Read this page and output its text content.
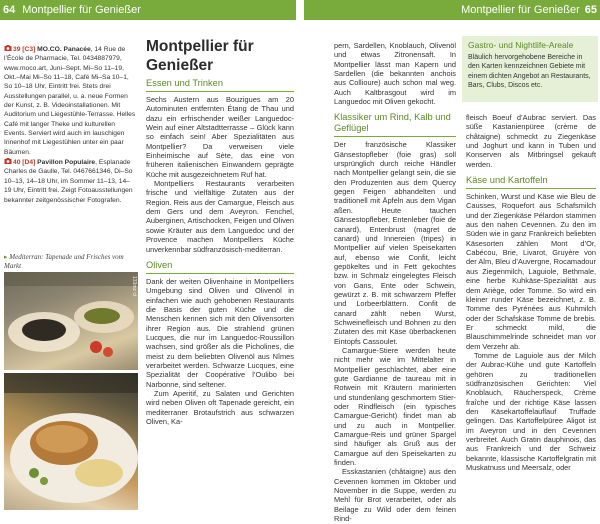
64 Montpellier für Genießer	Montpellier für Genießer 65
39 [C3] MO.CO. Panacée, 14 Rue de l’École de Pharmacie, Tel. 0434887979, www.moco.art, Juni–Sept. Mi–So 11–19, Okt.–Mai Mi–So 11–18, Café Mi–Sa 10–1, So 10–18 Uhr, Eintritt frei. Stets drei Ausstellungen parallel, u. a. neue Formen der Kunst, z. B. Videoinstallationen. Mit Auditorium und Liegestühle-Terrasse. Helles Café mit langer Theke und kulturellen Events. Serviert wird auch im lauschigen Innenhof mit Liegestühlen unter ein paar Bäumen.
40 [D4] Pavillon Populaire, Esplanade Charles de Gaulle, Tel. 0467661346, Di–So 10–13, 14–18 Uhr, im Sommer 11–13, 14–19 Uhr, Eintritt frei. Zeigt Fotoausstellungen bekannter zeitgenössischer Fotografen.
▸ Mediterran: Tapenade und Frisches vom Markt
133mz ct
Montpellier für Genießer
Essen und Trinken

Sechs Austern aus Bouzigues am 20 Autominuten entfernten Étang de Thau und dazu ein erfrischender weißer Languedoc-Wein auf einer Altstadtterrasse – Glück kann so einfach sein! Aber Spezialitäten aus Montpellier? Da verweisen viele Einheimische auf Sète, das eine von früheren italienischen Einwandern geprägte Küche mit ausgezeichnetem Ruf hat.

Montpelliers Restaurants verarbeiten frische und vielfältige Zutaten aus der Region. Reis aus der Camargue, Fleisch aus dem Gers und dem Aveyron. Fenchel, Auberginen, Artischocken, Feigen und Oliven sowie Kräuter aus dem Languedoc und der Provence machen Montpelliers Küche unverkennbar südfranzösisch-mediterran.

Oliven

Dank der weiten Olivenhaine in Montpelliers Umgebung sind Oliven und Olivenöl in einfachen wie auch gehobenen Restaurants die Basis der guten Küche und die Menschen kennen sich mit den Olivensorten ihrer Region aus. Die strahlend grünen Lucques, die nur im Languedoc-Roussillon wachsen, sind größer als die Picholines, die meist zu dem beliebten Olivenöl aus Nîmes verarbeitet werden. Schwarze Lucques, eine Spezialität der Coopérative l’Oulibo bei Narbonne, sind seltener.

Zum Aperitif, zu Salaten und Gerichten wird neben Oliven oft Tapenade gereicht, ein mediterraner Brotaufstrich aus schwarzen Oliven, Ka-

pern, Sardellen, Knoblauch, Olivenöl und etwas Zitronensaft. In Montpellier lässt man Kapern und Sardellen (die bekannten anchois aus Collioure) auch schon mal weg. Auch Kaltbrasgout wird im Languedoc mit Oliven gekocht.

Klassiker um Rind, Kalb und Geflügel

Der französische Klassiker Gänsestopfleber (foie gras) soll ursprünglich durch reiche Händler nach Montpellier gelangt sein, die sie den Produzenten aus dem Quercy gegen Feigen abhandelten und traditionell mit Äpfeln aus dem Vigan aßen. Heute tauchen Gänsestopfleber, Entenleber (foie de canard), Entenbrust (magret de canard) und Innereien (tripes) in Montpellier auf vielen Speisekarten auf, ebenso wie Confit, leicht gepökeltes und in Fett gekochtes bzw. in Schmalz eingelegtes Fleisch von Gans, Ente oder Schwein, gewürzt z. B. mit schwarzem Pfeffer und Lorbeerblättern. Confit de canard zählt neben Wurst, Schweinefleisch und Bohnen zu den Zutaten des mit Käse überbackenen Eintopfs Cassoulet.

Camargue-Stiere werden heute nicht mehr wie im Mittelalter in Montpellier geschlachtet, aber eine gute Gardianne de taureau mit in Rotwein mit Kräutern marinierten und stundenlang geschmortem Stier- oder Rindfleisch (ein typisches Camargue-Gericht) findet man ab und zu auch in Montpellier. Camargue-Reis und grüner Spargel sind häufiger als Gruß aus der Camargue auf den Speisekarten zu finden.

Esskastanien (châtaigne) aus den Cevennen kommen im Oktober und November in die Suppe, werden zu Mehl für Brot verarbeitet, oder als Beilage zu Wild oder dem feinen Rind-

Gastro- und Nightlife-Areale
Bläulich hervorgehobene Bereiche in den Karten kennzeichnen Gebiete mit einem dichten Angebot an Restaurants, Bars, Clubs, Discos etc.

fleisch Boeuf d’Aubrac serviert. Das süße Kastanienpüree (crème de châtaigne) schmeckt zu Ziegenkäse und Joghurt und kann in Tuben und Konserven als Mitbringsel gekauft werden.

Käse und Kartoffeln

Schinken, Wurst und Käse wie Bleu de Causses, Roquefort aus Schafsmilch und der Ziegenkäse Pélardon stammen aus den nahen Cevennen. Zu den im Süden wie in ganz Frankreich beliebten Käsesorten zählen Mont d’Or, Cabécou, Brie, Livarot, Gruyère von der Alm, Bleu d’Auvergne, Rocamadour aus Ziegenmilch, Laguiole, Bethmale, eine herbe Kuhkäse-Spezialität aus dem Ariège, oder Tomme. So wird ein kleiner runder Käse bezeichnet, z. B. Tomme des Pyrénées aus Kuhmilch oder der Schafskäse Tomme de brebis. Er schmeckt mild, die Blauschimmelrinde schneidet man vor dem Verzehr ab.

Tomme de Laguiole aus der Milch der Aubrac-Kühe und gute Kartoffeln gehören zu traditionellen südfranzösischen Gerichten: Viel Knoblauch, Räucherspeck, Crème fraîche und der richtige Käse lassen den Käsekartoffelauflauf Truffade gelingen. Das Kartoffelpüree Aligot ist im Aveyron und in den Cevennen verbreitet. Auch Gratin dauphinois, das aus Frankreich und der Schweiz bekannte, klassische Kartoffelgratin mit Muskatnuss und Meersalz, oder
